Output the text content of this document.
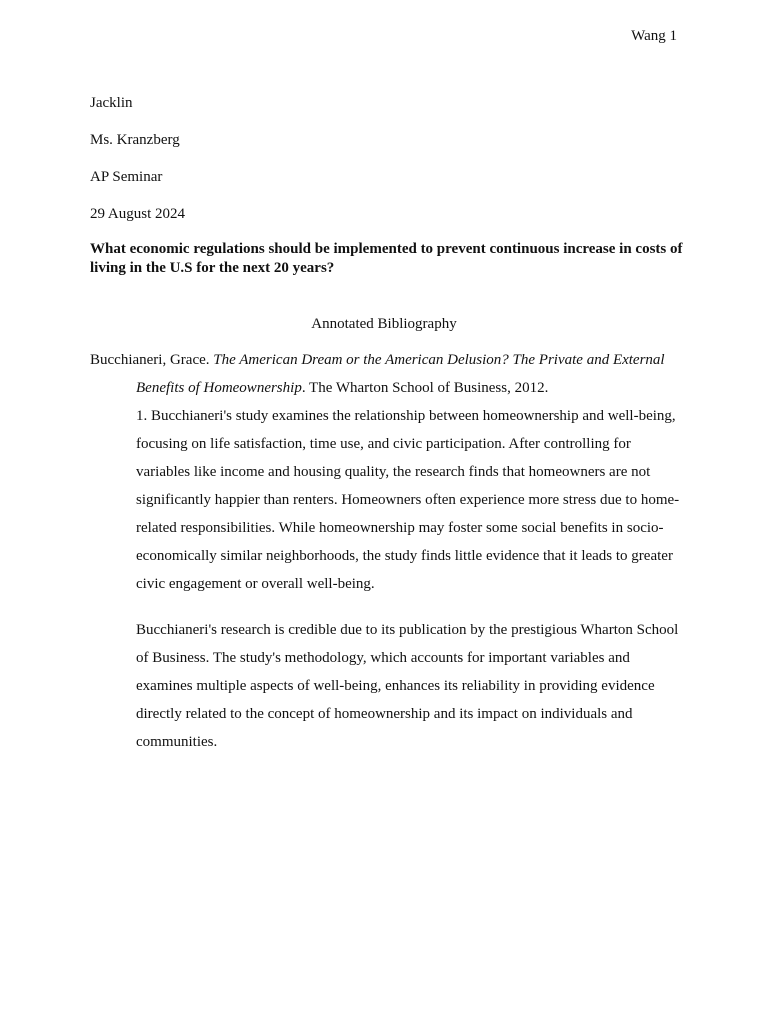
Wang 1
Jacklin
Ms. Kranzberg
AP Seminar
29 August 2024
What economic regulations should be implemented to prevent continuous increase in costs of living in the U.S for the next 20 years?
Annotated Bibliography

Bucchianeri, Grace. The American Dream or the American Delusion? The Private and External Benefits of Homeownership. The Wharton School of Business, 2012.

1. Bucchianeri's study examines the relationship between homeownership and well-being, focusing on life satisfaction, time use, and civic participation. After controlling for variables like income and housing quality, the research finds that homeowners are not significantly happier than renters. Homeowners often experience more stress due to home-related responsibilities. While homeownership may foster some social benefits in socio-economically similar neighborhoods, the study finds little evidence that it leads to greater civic engagement or overall well-being.

Bucchianeri's research is credible due to its publication by the prestigious Wharton School of Business. The study's methodology, which accounts for important variables and examines multiple aspects of well-being, enhances its reliability in providing evidence directly related to the concept of homeownership and its impact on individuals and communities.
